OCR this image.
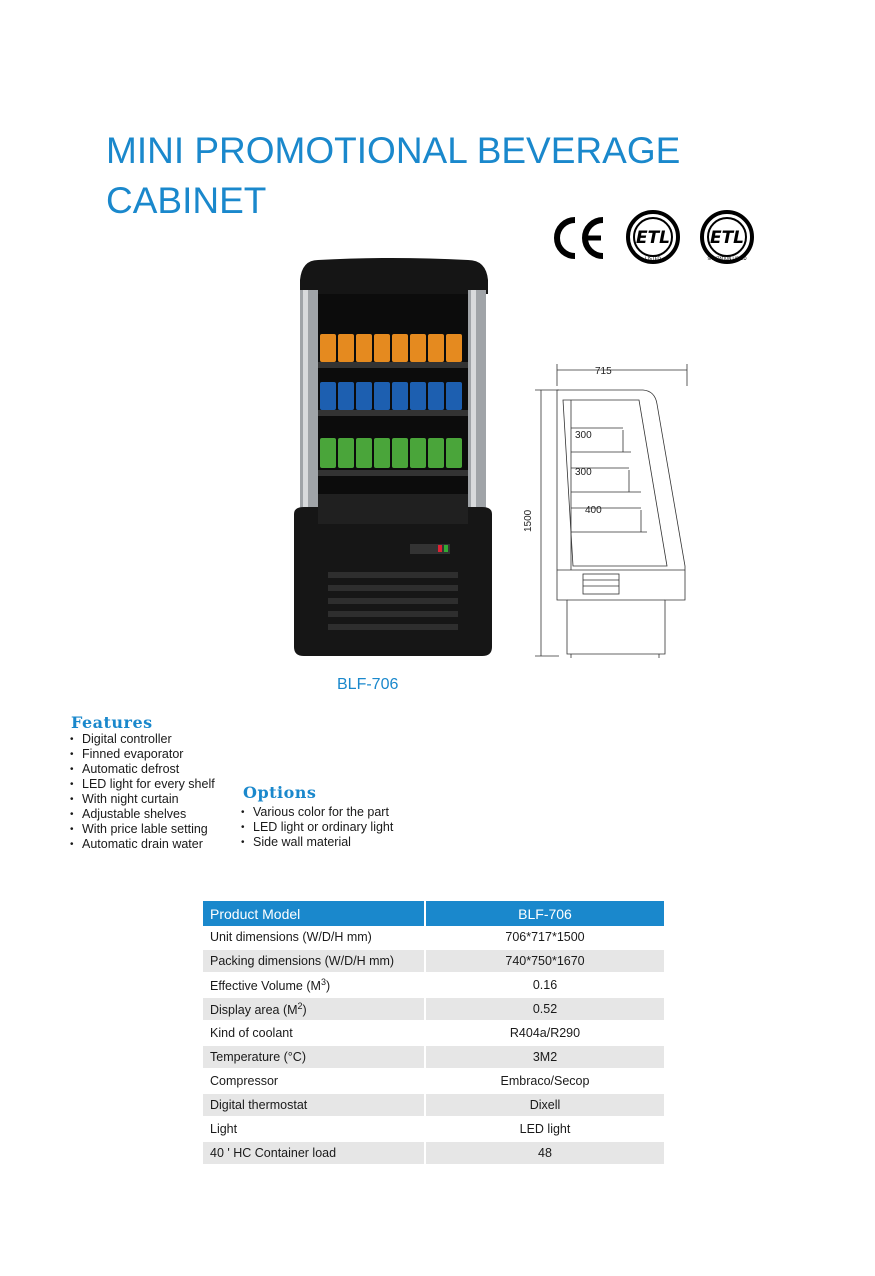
MINI PROMOTIONAL BEVERAGE
CABINET
ETL
LISTED
ETL
SANITATION LISTED
715
1500
300
300
400
BLF-706
Features
• Digital controller
• Finned evaporator
• Automatic defrost
• LED light for every shelf
• With night curtain
• Adjustable shelves
• With price lable setting
• Automatic drain water
Options
• Various color for the part
• LED light or ordinary light
• Side wall material
Product Model	BLF-706
Unit dimensions (W/D/H mm)	706*717*1500
Packing dimensions (W/D/H mm)	740*750*1670
Effective Volume $(M^3)$	0.16
Display area $(M^2)$	0.52
Kind of coolant	R404a/R290
Temperature (°C)	3M2
Compressor	Embraco/Secop
Digital thermostat	Dixell
Light	LED light
40 ' HC Container load	48
